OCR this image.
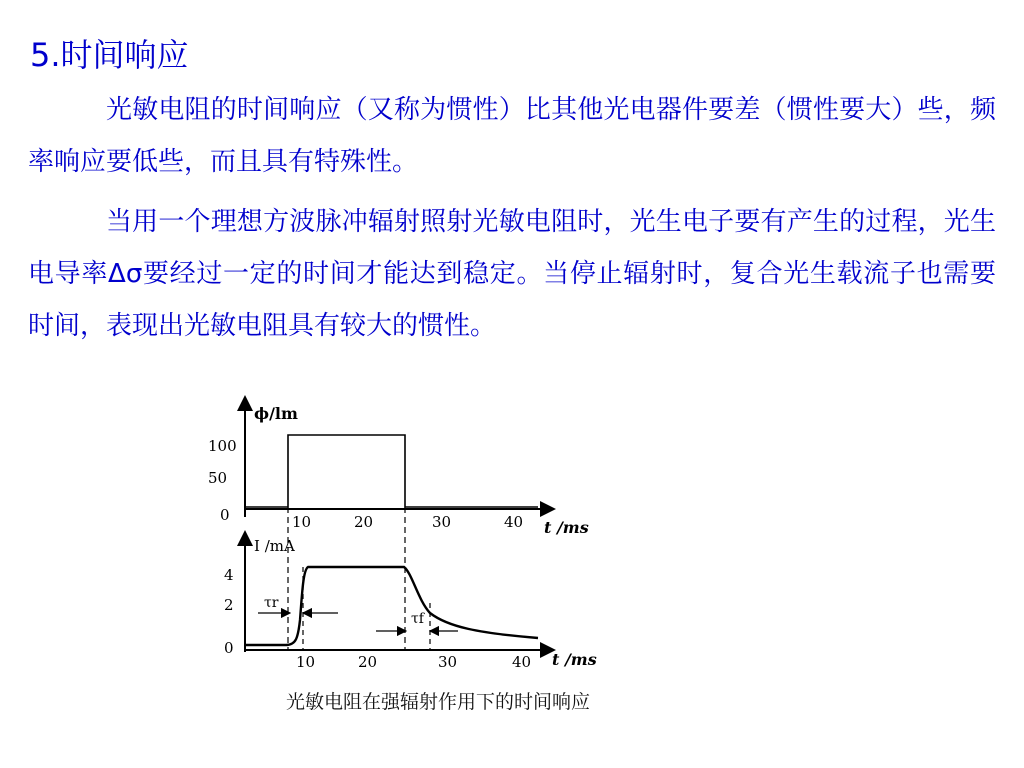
5.时间响应
光敏电阻的时间响应（又称为惯性）比其他光电器件要差（惯性要大）些，频率响应要低些，而且具有特殊性。
当用一个理想方波脉冲辐射照射光敏电阻时，光生电子要有产生的过程，光生电导率Δσ要经过一定的时间才能达到稳定。当停止辐射时，复合光生载流子也需要时间，表现出光敏电阻具有较大的惯性。
ϕ/lm
100
50
0	10	20	30	40 t /ms
I /mA
4
2
0
10	20	30	40 t /ms
τr
τf
光敏电阻在强辐射作用下的时间响应
